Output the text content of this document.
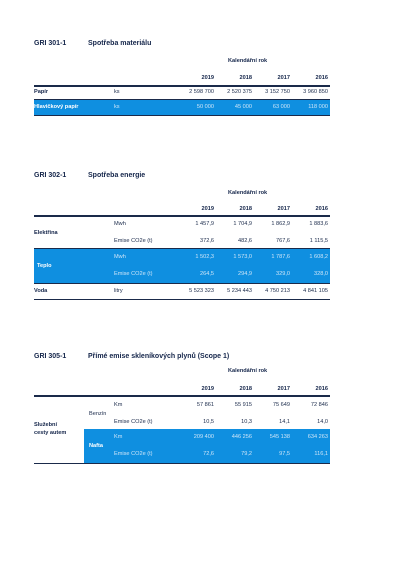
GRI 301-1	Spotřeba materiálu
Kalendářní rok
2019	2018	2017	2016
Papír	ks	2 598 700	2 520 375	3 152 750	3 960 850
Hlavičkový papír	ks	50 000	45 000	63 000	118 000
GRI 302-1	Spotřeba energie
Kalendářní rok
2019	2018	2017	2016
Elektřina
Mwh	1 457,9	1 704,9	1 862,9	1 883,6
Emise CO2e (t)	372,6	482,6	767,6	1 115,5
Teplo
Mwh	1 502,3	1 573,0	1 787,6	1 608,2
Emise CO2e (t)	264,5	294,9	329,0	328,0
Voda	litry	5 523 323	5 234 443	4 750 213	4 841 105
GRI 305-1	Přímé emise skleníkových plynů (Scope 1)
Kalendářní rok
2019	2018	2017	2016
Služební
cesty autem
Benzín
Km	57 861	55 915	75 649	72 846
Emise CO2e (t)	10,5	10,3	14,1	14,0
Nafta
Km	209 400	446 256	545 138	634 263
Emise CO2e (t)	72,6	79,2	97,5	116,1
